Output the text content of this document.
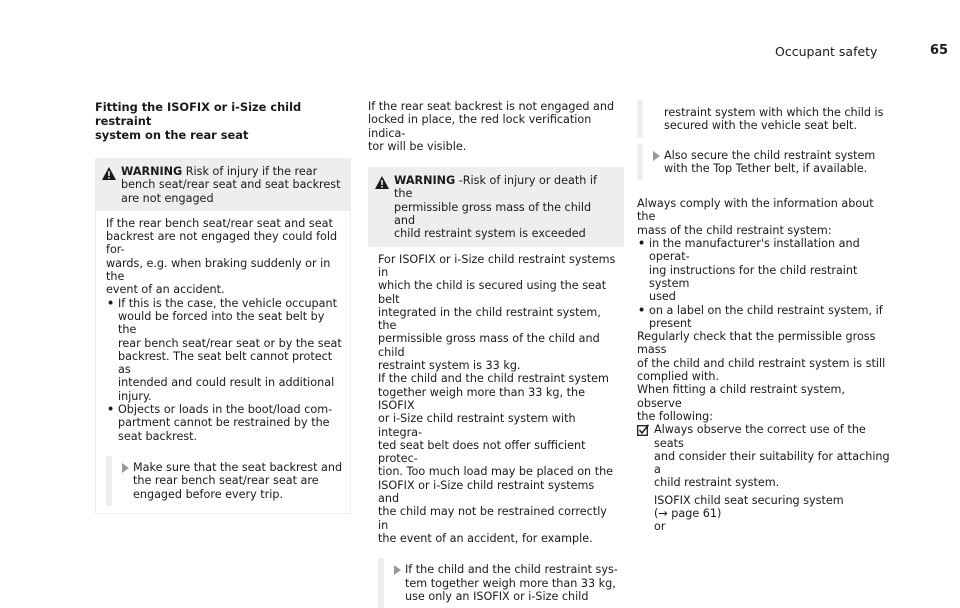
Occupant safety	65
Fitting the ISOFIX or i-Size child restraint
system on the rear seat
WARNING Risk of injury if the rear
bench seat/rear seat and seat backrest
are not engaged

If the rear bench seat/rear seat and seat
backrest are not engaged they could fold for-
wards, e.g. when braking suddenly or in the
event of an accident.

• If this is the case, the vehicle occupant
would be forced into the seat belt by the
rear bench seat/rear seat or by the seat
backrest. The seat belt cannot protect as
intended and could result in additional
injury.
• Objects or loads in the boot/load com-
partment cannot be restrained by the
seat backrest.
Make sure that the seat backrest and
the rear bench seat/rear seat are
engaged before every trip.

If the rear seat backrest is not engaged and
locked in place, the red lock verification indica-
tor will be visible.

WARNING -Risk of injury or death if the
permissible gross mass of the child and
child restraint system is exceeded

For ISOFIX or i-Size child restraint systems in
which the child is secured using the seat belt
integrated in the child restraint system, the
permissible gross mass of the child and child
restraint system is 33 kg.

If the child and the child restraint system
together weigh more than 33 kg, the ISOFIX
or i-Size child restraint system with integra-
ted seat belt does not offer sufficient protec-
tion. Too much load may be placed on the
ISOFIX or i-Size child restraint systems and
the child may not be restrained correctly in
the event of an accident, for example.

If the child and the child restraint sys-
tem together weigh more than 33 kg,
use only an ISOFIX or i-Size child
restraint system with which the child is
secured with the vehicle seat belt.
Also secure the child restraint system
with the Top Tether belt, if available.

Always comply with the information about the
mass of the child restraint system:

• in the manufacturer's installation and operat-
ing instructions for the child restraint system
used
• on a label on the child restraint system, if
present

Regularly check that the permissible gross mass
of the child and child restraint system is still
complied with.

When fitting a child restraint system, observe
the following:

Always observe the correct use of the seats
and consider their suitability for attaching a
child restraint system.

ISOFIX child seat securing system
(→ page 61)

or
